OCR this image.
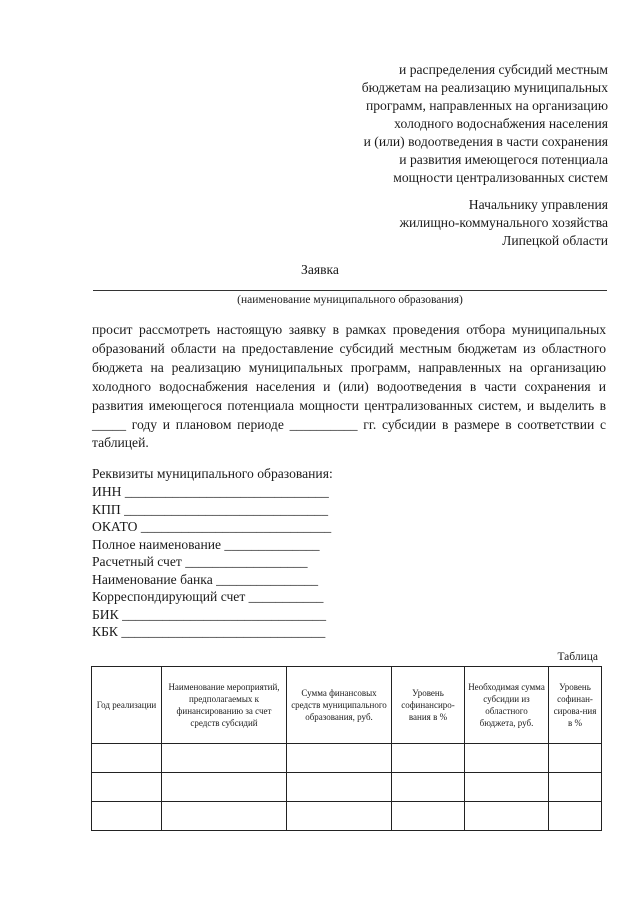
и распределения субсидий местным
бюджетам на реализацию муниципальных
программ, направленных на организацию
холодного водоснабжения населения
и (или) водоотведения в части сохранения
и развития имеющегося потенциала
мощности централизованных систем
Начальнику управления
жилищно-коммунального хозяйства
Липецкой области
Заявка
(наименование муниципального образования)
просит рассмотреть настоящую заявку в рамках проведения отбора муниципальных образований области на предоставление субсидий местным бюджетам из областного бюджета на реализацию муниципальных программ, направленных на организацию холодного водоснабжения населения и (или) водоотведения в части сохранения и развития имеющегося потенциала мощности централизованных систем, и выделить в _____ году и плановом периоде __________ гг. субсидии в размере в соответствии с таблицей.
Реквизиты муниципального образования:
ИНН ______________________________
КПП ______________________________
ОКАТО ____________________________
Полное наименование ______________
Расчетный счет __________________
Наименование банка _______________
Корреспондирующий счет ___________
БИК ______________________________
КБК ______________________________
Таблица
Год реализации	Наименование мероприятий, предполагаемых к финансированию за счет средств субсидий	Сумма финансовых средств муниципального образования, руб.	Уровень софинансиро-вания в %	Необходимая сумма субсидии из областного бюджета, руб.	Уровень софинан-сирова-ния в %
